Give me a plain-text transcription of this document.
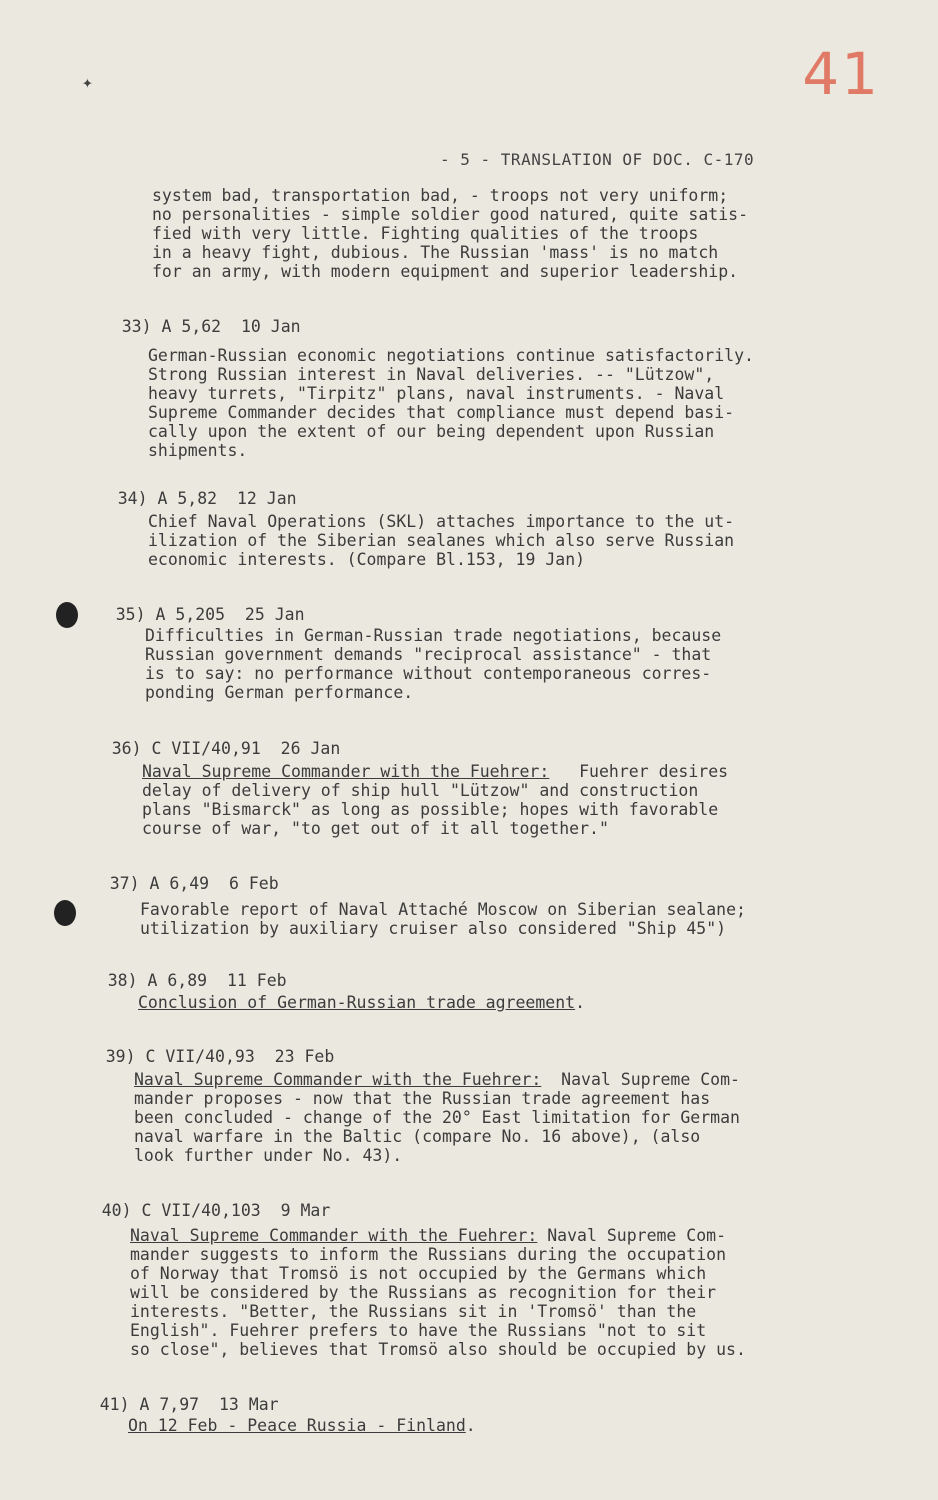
41
✦
- 5 - TRANSLATION OF DOC. C-170
system bad, transportation bad, - troops not very uniform;
no personalities - simple soldier good natured, quite satis-
fied with very little. Fighting qualities of the troops
in a heavy fight, dubious. The Russian 'mass' is no match
for an army, with modern equipment and superior leadership.

33) A 5,62 10 Jan

German-Russian economic negotiations continue satisfactorily.
Strong Russian interest in Naval deliveries. -- "Lützow",
heavy turrets, "Tirpitz" plans, naval instruments. - Naval
Supreme Commander decides that compliance must depend basi-
cally upon the extent of our being dependent upon Russian
shipments.

34) A 5,82 12 Jan

Chief Naval Operations (SKL) attaches importance to the ut-
ilization of the Siberian sealanes which also serve Russian
economic interests. (Compare Bl.153, 19 Jan)

35) A 5,205 25 Jan

Difficulties in German-Russian trade negotiations, because
Russian government demands "reciprocal assistance" - that
is to say: no performance without contemporaneous corres-
ponding German performance.

36) C VII/40,91 26 Jan

Naval Supreme Commander with the Fuehrer:   Fuehrer desires
delay of delivery of ship hull "Lützow" and construction
plans "Bismarck" as long as possible; hopes with favorable
course of war, "to get out of it all together."

37) A 6,49 6 Feb

Favorable report of Naval Attaché Moscow on Siberian sealane;
utilization by auxiliary cruiser also considered "Ship 45")

38) A 6,89 11 Feb

Conclusion of German-Russian trade agreement.

39) C VII/40,93 23 Feb

Naval Supreme Commander with the Fuehrer:  Naval Supreme Com-
mander proposes - now that the Russian trade agreement has
been concluded - change of the 20° East limitation for German
naval warfare in the Baltic (compare No. 16 above), (also
look further under No. 43).

40) C VII/40,103 9 Mar

Naval Supreme Commander with the Fuehrer: Naval Supreme Com-
mander suggests to inform the Russians during the occupation
of Norway that Tromsö is not occupied by the Germans which
will be considered by the Russians as recognition for their
interests. "Better, the Russians sit in 'Tromsö' than the
English". Fuehrer prefers to have the Russians "not to sit
so close", believes that Tromsö also should be occupied by us.

41) A 7,97 13 Mar

On 12 Feb - Peace Russia - Finland.
